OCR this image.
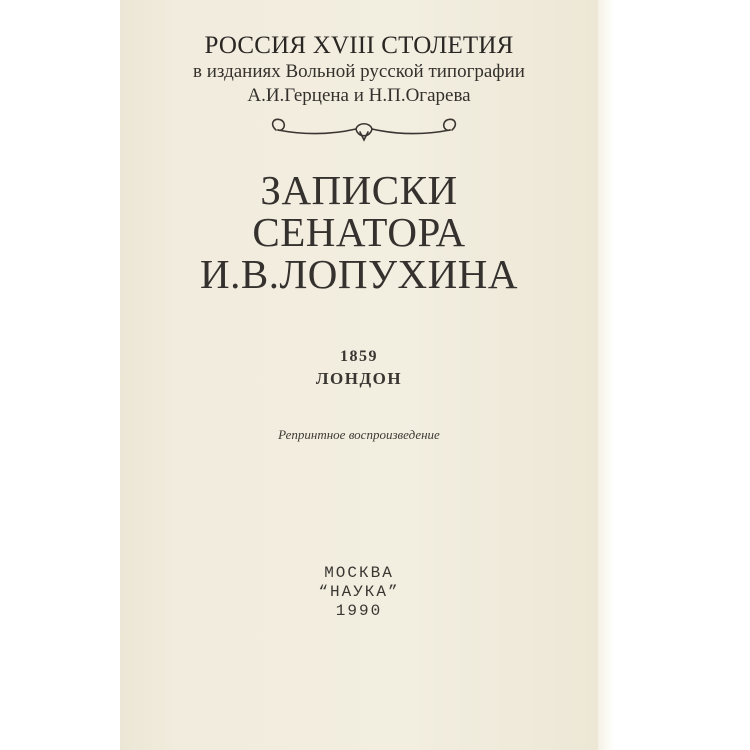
РОССИЯ XVIII СТОЛЕТИЯ
в изданиях Вольной русской типографии
А.И.Герцена и Н.П.Огарева
ЗАПИСКИ
СЕНАТОРА
И.В.ЛОПУХИНА
1859
ЛОНДОН
Репринтное воспроизведение
МОСКВА
“НАУКА”
1990
